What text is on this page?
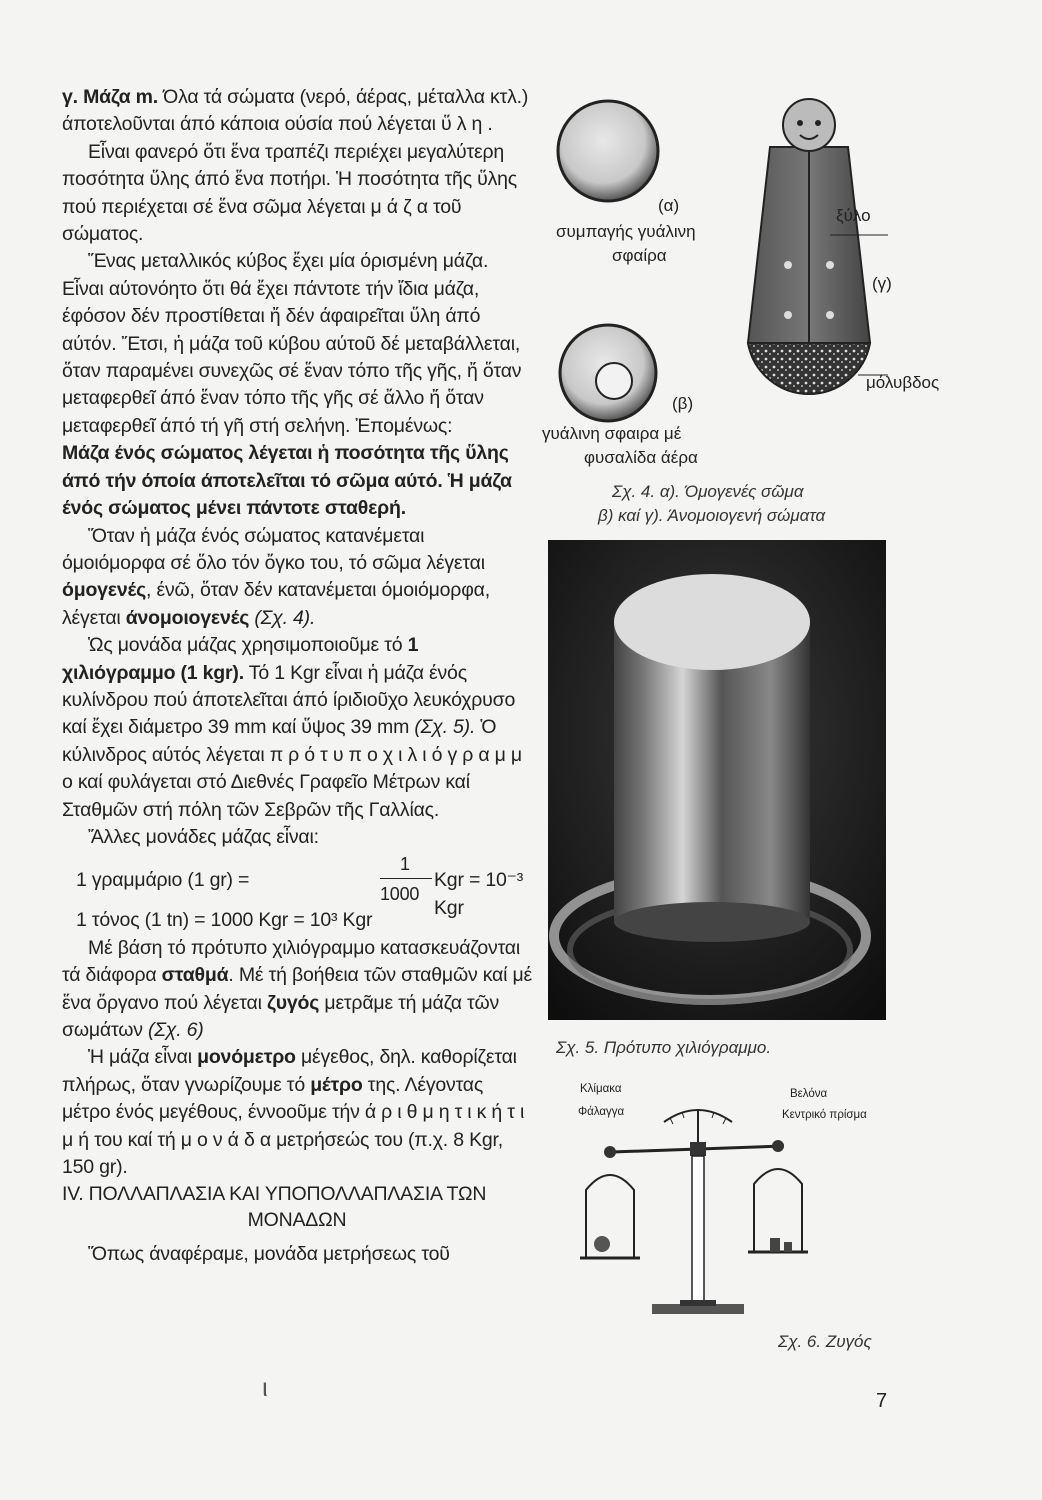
γ. Μάζα m. Όλα τά σώματα (νερό, άέρας, μέταλλα κτλ.) άποτελοῦνται άπό κάποια ούσία πού λέγεται ὕ λ η .

Εἶναι φανερό ὅτι ἕνα τραπέζι περιέχει μεγαλύτερη ποσότητα ὕλης άπό ἕνα ποτήρι. Ἡ ποσότητα τῆς ὕλης πού περιέχεται σέ ἕνα σῶμα λέγεται μ ά ζ α τοῦ σώματος.

Ἕνας μεταλλικός κύβος ἔχει μία όρισμένη μάζα. Εἶναι αύτονόητο ὅτι θά ἔχει πάντοτε τήν ἴδια μάζα, έφόσον δέν προστίθεται ἤ δέν άφαιρεῖται ὕλη άπό αύτόν. Ἔτσι, ἡ μάζα τοῦ κύβου αύτοῦ δέ μεταβάλλεται, ὅταν παραμένει συνεχῶς σέ ἕναν τόπο τῆς γῆς, ἤ ὅταν μεταφερθεῖ άπό ἕναν τόπο τῆς γῆς σέ ἄλλο ἤ ὅταν μεταφερθεῖ άπό τή γῆ στή σελήνη. Ἐπομένως:

Μάζα ένός σώματος λέγεται ἡ ποσότητα τῆς ὕλης άπό τήν όποία άποτελεῖται τό σῶμα αύτό. Ἡ μάζα ένός σώματος μένει πάντοτε σταθερή.

Ὅταν ἡ μάζα ένός σώματος κατανέμεται όμοιόμορφα σέ ὅλο τόν ὄγκο του, τό σῶμα λέγεται όμογενές, ένῶ, ὅταν δέν κατανέμεται όμοιόμορφα, λέγεται άνομοιογενές (Σχ. 4).

Ὡς μονάδα μάζας χρησιμοποιοῦμε τό 1 χιλιόγραμμο (1 kgr). Τό 1 Kgr εἶναι ἡ μάζα ένός κυλίνδρου πού άποτελεῖται άπό ίριδιοῦχο λευκόχρυσο καί ἔχει διάμετρο 39 mm καί ὕψος 39 mm (Σχ. 5). Ὁ κύλινδρος αύτός λέγεται π ρ ό τ υ π ο χ ι λ ι ό γ ρ α μ μ ο καί φυλάγεται στό Διεθνές Γραφεῖο Μέτρων καί Σταθμῶν στή πόλη τῶν Σεβρῶν τῆς Γαλλίας.

Ἄλλες μονάδες μάζας εἶναι:

1 γραμμάριο (1 gr) =
1
1000
Kgr = 10⁻³ Kgr

1 τόνος (1 tn) = 1000 Kgr = 10³ Kgr

Μέ βάση τό πρότυπο χιλιόγραμμο κατασκευάζονται τά διάφορα σταθμά. Μέ τή βοήθεια τῶν σταθμῶν καί μέ ἕνα ὄργανο πού λέγεται ζυγός μετρᾶμε τή μάζα τῶν σωμάτων (Σχ. 6)

Ἡ μάζα εἶναι μονόμετρο μέγεθος, δηλ. καθορίζεται πλήρως, ὅταν γνωρίζουμε τό μέτρο της. Λέγοντας μέτρο ένός μεγέθους, έννοοῦμε τήν ά ρ ι θ μ η τ ι κ ή τ ι μ ή του καί τή μ ο ν ά δ α μετρήσεώς του (π.χ. 8 Kgr, 150 gr).

IV. ΠΟΛΛΑΠΛΑΣΙΑ ΚΑΙ ΥΠΟΠΟΛΛΑΠΛΑΣΙΑ ΤΩΝ

ΜΟΝΑΔΩΝ

Ὅπως άναφέραμε, μονάδα μετρήσεως τοῦ

(α)
συμπαγής γυάλινη
σφαίρα
(γ)
ξύλο
μόλυβδος
(β)
γυάλινη σφαιρα μέ
φυσαλίδα άέρα
Σχ. 4. α). Όμογενές σῶμα
β) καί γ). Άνομοιογενή σώματα
Σχ. 5. Πρότυπο χιλιόγραμμο.
Κλίμακα
Φάλαγγα
Βελόνα
Κεντρικό πρίσμα
Σχ. 6. Ζυγός
ι	7
